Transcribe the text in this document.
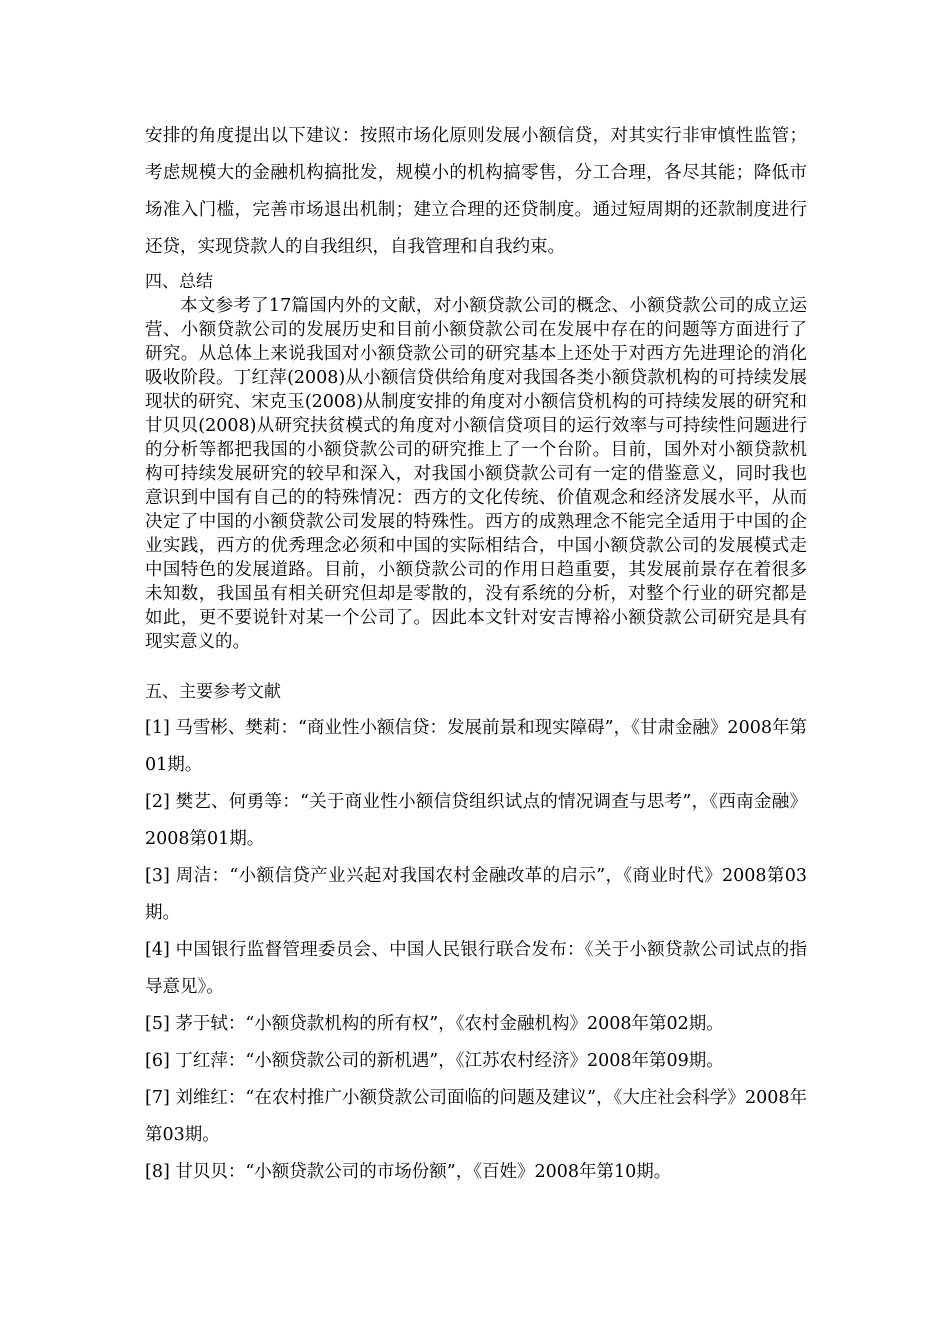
安排的角度提出以下建议：按照市场化原则发展小额信贷，对其实行非审慎性监管；考虑规模大的金融机构搞批发，规模小的机构搞零售，分工合理，各尽其能；降低市场准入门槛，完善市场退出机制；建立合理的还贷制度。通过短周期的还款制度进行还贷，实现贷款人的自我组织，自我管理和自我约束。

四、总结

本文参考了17篇国内外的文献，对小额贷款公司的概念、小额贷款公司的成立运营、小额贷款公司的发展历史和目前小额贷款公司在发展中存在的问题等方面进行了研究。从总体上来说我国对小额贷款公司的研究基本上还处于对西方先进理论的消化吸收阶段。丁红萍(2008)从小额信贷供给角度对我国各类小额贷款机构的可持续发展现状的研究、宋克玉(2008)从制度安排的角度对小额信贷机构的可持续发展的研究和甘贝贝(2008)从研究扶贫模式的角度对小额信贷项目的运行效率与可持续性问题进行的分析等都把我国的小额贷款公司的研究推上了一个台阶。目前，国外对小额贷款机构可持续发展研究的较早和深入，对我国小额贷款公司有一定的借鉴意义，同时我也意识到中国有自己的的特殊情况：西方的文化传统、价值观念和经济发展水平，从而决定了中国的小额贷款公司发展的特殊性。西方的成熟理念不能完全适用于中国的企业实践，西方的优秀理念必须和中国的实际相结合，中国小额贷款公司的发展模式走中国特色的发展道路。目前，小额贷款公司的作用日趋重要，其发展前景存在着很多未知数，我国虽有相关研究但却是零散的，没有系统的分析，对整个行业的研究都是如此，更不要说针对某一个公司了。因此本文针对安吉博裕小额贷款公司研究是具有现实意义的。

五、主要参考文献
[1] 马雪彬、樊莉：“商业性小额信贷：发展前景和现实障碍”，《甘肃金融》2008年第01期。
[2] 樊艺、何勇等：“关于商业性小额信贷组织试点的情况调查与思考”，《西南金融》2008第01期。
[3] 周洁：“小额信贷产业兴起对我国农村金融改革的启示”，《商业时代》2008第03期。
[4] 中国银行监督管理委员会、中国人民银行联合发布：《关于小额贷款公司试点的指导意见》。
[5] 茅于轼：“小额贷款机构的所有权”，《农村金融机构》2008年第02期。
[6] 丁红萍：“小额贷款公司的新机遇”，《江苏农村经济》2008年第09期。
[7] 刘维红：“在农村推广小额贷款公司面临的问题及建议”，《大庄社会科学》2008年第03期。
[8] 甘贝贝：“小额贷款公司的市场份额”，《百姓》2008年第10期。
